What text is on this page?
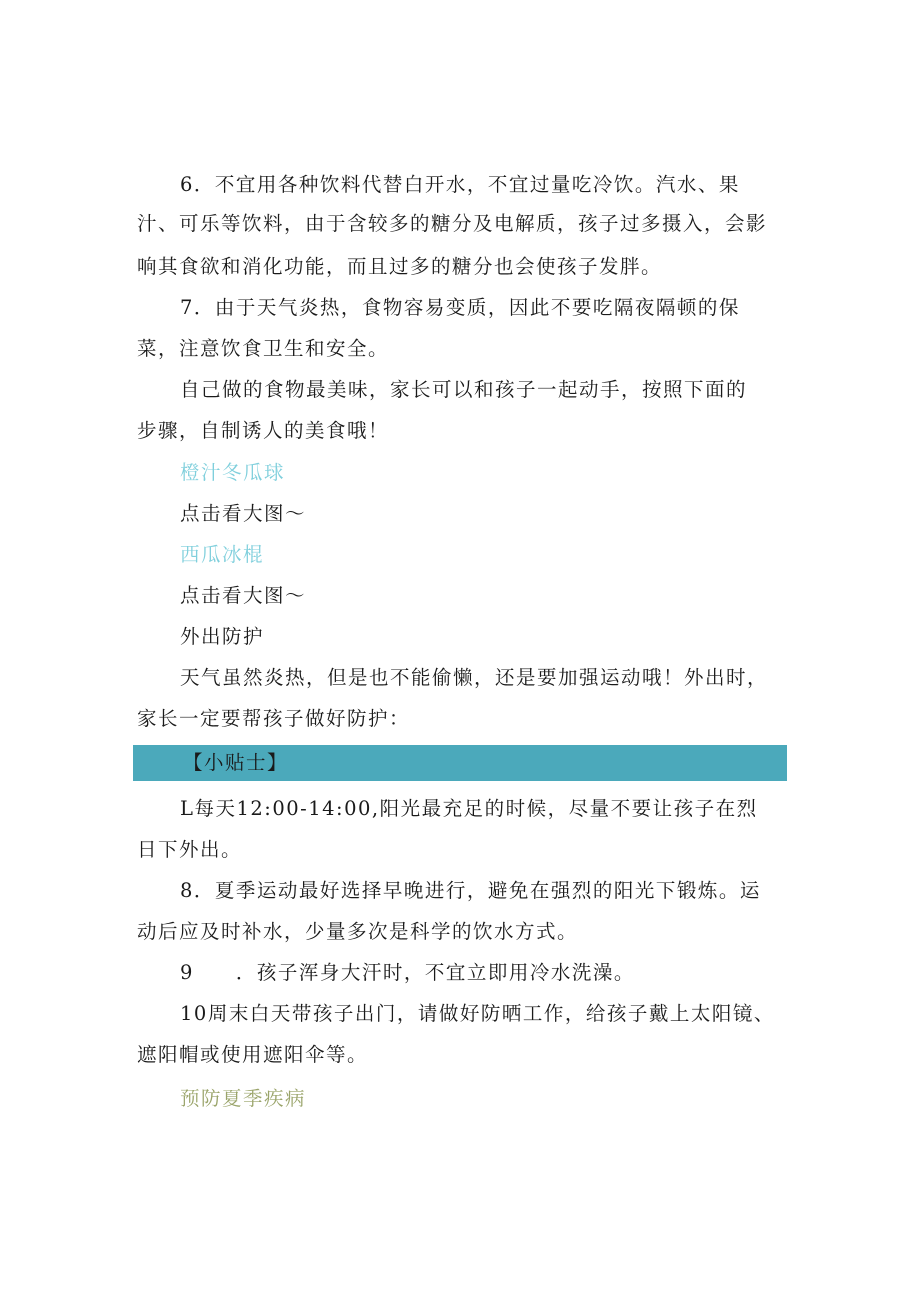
6．不宜用各种饮料代替白开水，不宜过量吃冷饮。汽水、果
汁、可乐等饮料，由于含较多的糖分及电解质，孩子过多摄入，会影
响其食欲和消化功能，而且过多的糖分也会使孩子发胖。
7．由于天气炎热，食物容易变质，因此不要吃隔夜隔顿的保
菜，注意饮食卫生和安全。
自己做的食物最美味，家长可以和孩子一起动手，按照下面的
步骤，自制诱人的美食哦！
橙汁冬瓜球
点击看大图～
西瓜冰棍
点击看大图～
外出防护
天气虽然炎热，但是也不能偷懒，还是要加强运动哦！外出时，
家长一定要帮孩子做好防护：
【小贴士】
L每天12:00-14:00,阳光最充足的时候，尽量不要让孩子在烈
日下外出。
8．夏季运动最好选择早晚进行，避免在强烈的阳光下锻炼。运
动后应及时补水，少量多次是科学的饮水方式。
9　　．孩子浑身大汗时，不宜立即用冷水洗澡。
10周末白天带孩子出门，请做好防晒工作，给孩子戴上太阳镜、
遮阳帽或使用遮阳伞等。
预防夏季疾病
